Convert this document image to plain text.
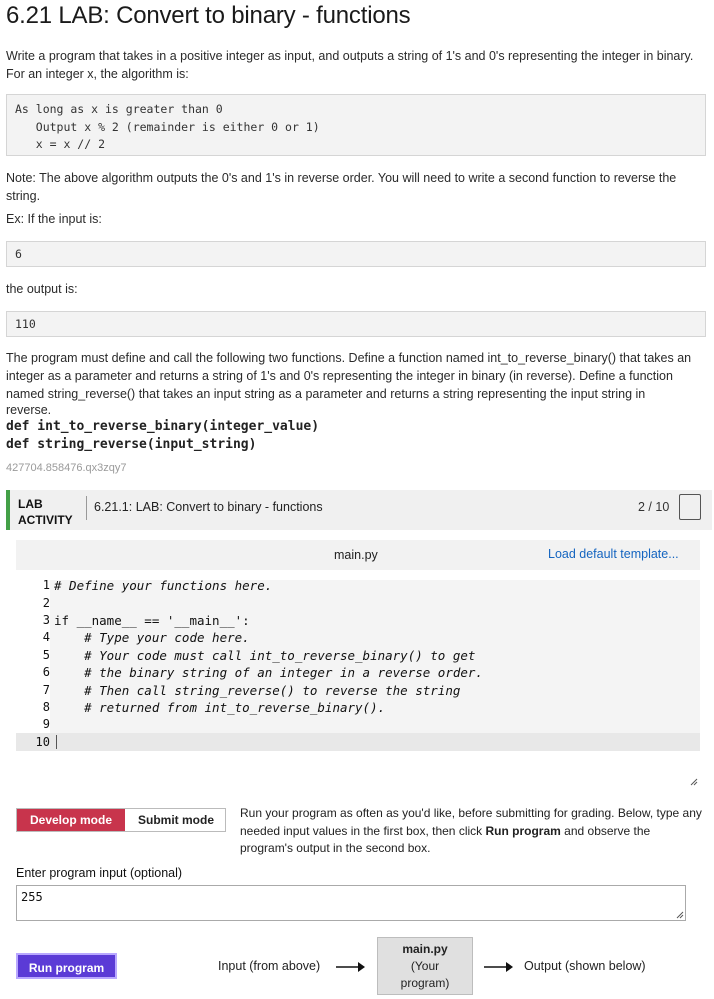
6.21 LAB: Convert to binary - functions
Write a program that takes in a positive integer as input, and outputs a string of 1's and 0's representing the integer in binary.
For an integer x, the algorithm is:
As long as x is greater than 0
Output x % 2 (remainder is either 0 or 1)
x = x // 2
Note: The above algorithm outputs the 0's and 1's in reverse order. You will need to write a second function to reverse the
string.
Ex: If the input is:
6
the output is:
110
The program must define and call the following two functions. Define a function named int_to_reverse_binary() that takes an
integer as a parameter and returns a string of 1's and 0's representing the integer in binary (in reverse). Define a function
named string_reverse() that takes an input string as a parameter and returns a string representing the input string in
reverse.
def int_to_reverse_binary(integer_value)
def string_reverse(input_string)
427704.858476.qx3zqy7
LAB
ACTIVITY
6.21.1: LAB: Convert to binary - functions	2 / 10
main.py	Load default template...
1
2
3
4
5
6
7
8
9
10
# Define your functions here.
if __name__ == '__main__':
# Type your code here.
# Your code must call int_to_reverse_binary() to get
# the binary string of an integer in a reverse order.
# Then call string_reverse() to reverse the string
# returned from int_to_reverse_binary().
Develop mode	Submit mode	Run your program as often as you'd like, before submitting for grading. Below, type any needed input values in the first box, then click Run program and observe the program's output in the second box.
Enter program input (optional)
255
Run program	Input (from above)
main.py
(Your
program)
Output (shown below)
